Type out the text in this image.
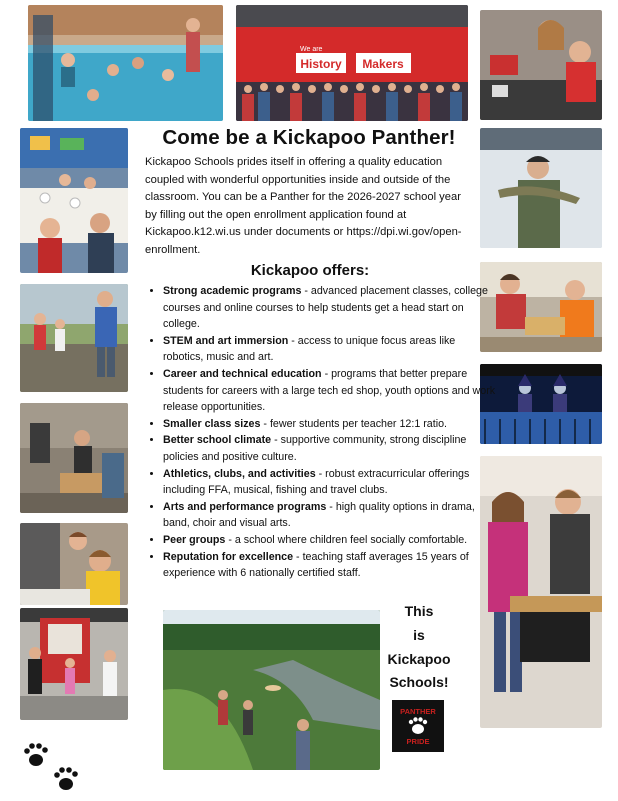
We are
History Makers
Come be a Kickapoo Panther!
Kickapoo Schools prides itself in offering a quality education coupled with wonderful opportunities inside and outside of the classroom. You can be a Panther for the 2026-2027 school year by filling out the open enrollment application found at Kickapoo.k12.wi.us under documents or https://dpi.wi.gov/open-enrollment.
Kickapoo offers:
• Strong academic programs - advanced placement classes, college courses and online courses to help students get a head start on college.
• STEM and art immersion - access to unique focus areas like robotics, music and art.
• Career and technical education - programs that better prepare students for careers with a large tech ed shop, youth options and work release opportunities.
• Smaller class sizes - fewer students per teacher 12:1 ratio.
• Better school climate - supportive community, strong discipline policies and positive culture.
• Athletics, clubs, and activities - robust extracurricular offerings including FFA, musical, fishing and travel clubs.
• Arts and performance programs - high quality options in drama, band, choir and visual arts.
• Peer groups - a school where children feel socially comfortable.
• Reputation for excellence - teaching staff averages 15 years of experience with 6 nationally certified staff.
This
is
Kickapoo
Schools!
PANTHER
PRIDE
